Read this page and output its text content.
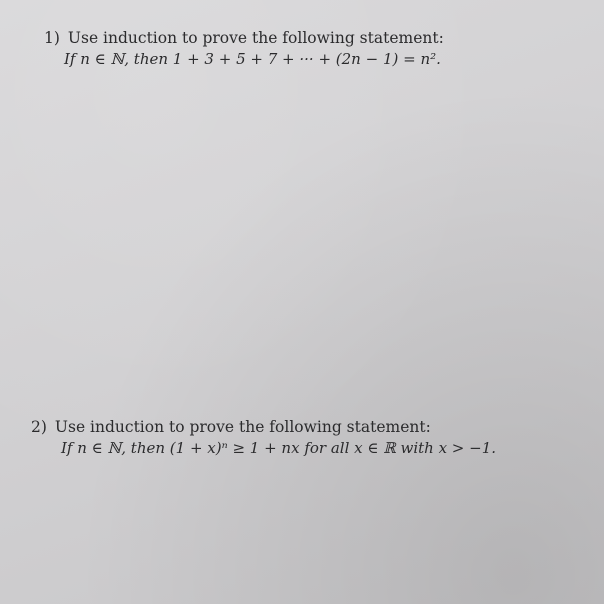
1) Use induction to prove the following statement:
If n ∈ ℕ, then 1 + 3 + 5 + 7 + ··· + (2n − 1) = n².
2) Use induction to prove the following statement:
If n ∈ ℕ, then (1 + x)ⁿ ≥ 1 + nx for all x ∈ ℝ with x > −1.
